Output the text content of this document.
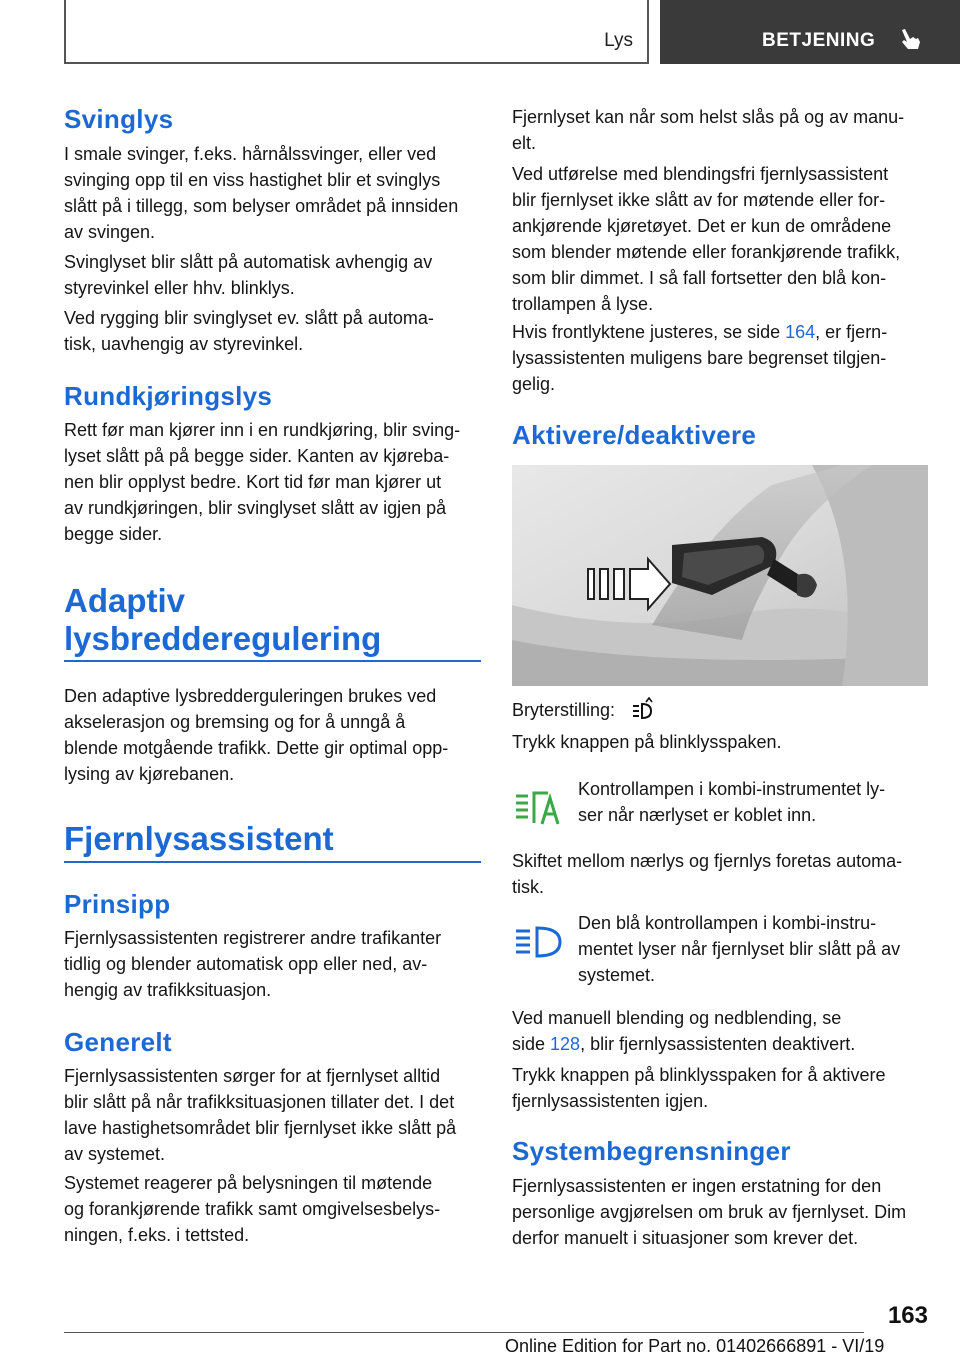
Lys	BETJENING
Svinglys
I smale svinger, f.eks. hårnålssvinger, eller ved
svinging opp til en viss hastighet blir et svinglys
slått på i tillegg, som belyser området på innsiden
av svingen.
Svinglyset blir slått på automatisk avhengig av
styrevinkel eller hhv. blinklys.
Ved rygging blir svinglyset ev. slått på automa‐
tisk, uavhengig av styrevinkel.
Rundkjøringslys
Rett før man kjører inn i en rundkjøring, blir sving‐
lyset slått på på begge sider. Kanten av kjøreba‐
nen blir opplyst bedre. Kort tid før man kjører ut
av rundkjøringen, blir svinglyset slått av igjen på
begge sider.
Adaptiv
lysbredderegulering
Den adaptive lysbredderguleringen brukes ved
akselerasjon og bremsing og for å unngå å
blende motgående trafikk. Dette gir optimal opp‐
lysing av kjørebanen.
Fjernlysassistent
Prinsipp
Fjernlysassistenten registrerer andre trafikanter
tidlig og blender automatisk opp eller ned, av‐
hengig av trafikksituasjon.
Generelt
Fjernlysassistenten sørger for at fjernlyset alltid
blir slått på når trafikksituasjonen tillater det. I det
lave hastighetsområdet blir fjernlyset ikke slått på
av systemet.
Systemet reagerer på belysningen til møtende
og forankjørende trafikk samt omgivelsesbelys‐
ningen, f.eks. i tettsted.
Fjernlyset kan når som helst slås på og av manu‐
elt.
Ved utførelse med blendingsfri fjernlysassistent
blir fjernlyset ikke slått av for møtende eller for‐
ankjørende kjøretøyet. Det er kun de områdene
som blender møtende eller forankjørende trafikk,
som blir dimmet. I så fall fortsetter den blå kon‐
trollampen å lyse.
Hvis frontlyktene justeres, se side 164, er fjern‐
lysassistenten muligens bare begrenset tilgjen‐
gelig.
Aktivere/deaktivere
Bryterstilling:
Trykk knappen på blinklysspaken.
Kontrollampen i kombi-instrumentet ly‐
ser når nærlyset er koblet inn.
Skiftet mellom nærlys og fjernlys foretas automa‐
tisk.
Den blå kontrollampen i kombi-instru‐
mentet lyser når fjernlyset blir slått på av
systemet.
Ved manuell blending og nedblending, se
side 128, blir fjernlysassistenten deaktivert.
Trykk knappen på blinklysspaken for å aktivere
fjernlysassistenten igjen.
Systembegrensninger
Fjernlysassistenten er ingen erstatning for den
personlige avgjørelsen om bruk av fjernlyset. Dim
derfor manuelt i situasjoner som krever det.
163
Online Edition for Part no. 01402666891 - VI/19
